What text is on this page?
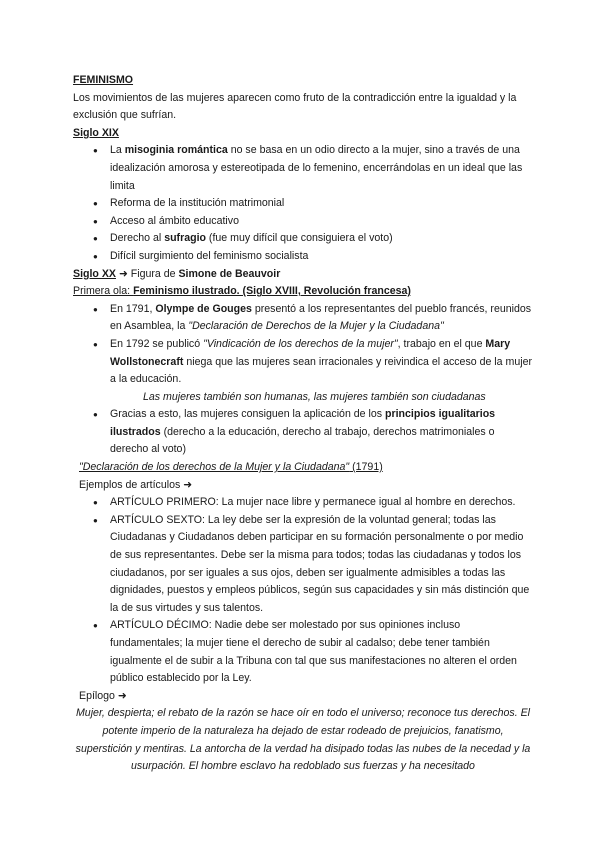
FEMINISMO

Los movimientos de las mujeres aparecen como fruto de la contradicción entre la igualdad y la exclusión que sufrían.

Siglo XIX

● La misoginia romántica no se basa en un odio directo a la mujer, sino a través de una idealización amorosa y estereotipada de lo femenino, encerrándolas en un ideal que las limita
● Reforma de la institución matrimonial
● Acceso al ámbito educativo
● Derecho al sufragio (fue muy difícil que consiguiera el voto)
● Difícil surgimiento del feminismo socialista

Siglo XX ➜ Figura de Simone de Beauvoir

Primera ola: Feminismo ilustrado. (Siglo XVIII, Revolución francesa)

● En 1791, Olympe de Gouges presentó a los representantes del pueblo francés, reunidos en Asamblea, la "Declaración de Derechos de la Mujer y la Ciudadana"
● En 1792 se publicó "Vindicación de los derechos de la mujer", trabajo en el que Mary Wollstonecraft niega que las mujeres sean irracionales y reivindica el acceso de la mujer a la educación.

Las mujeres también son humanas, las mujeres también son ciudadanas

● Gracias a esto, las mujeres consiguen la aplicación de los principios igualitarios ilustrados (derecho a la educación, derecho al trabajo, derechos matrimoniales o derecho al voto)

"Declaración de los derechos de la Mujer y la Ciudadana" (1791)

Ejemplos de artículos ➜

● ARTÍCULO PRIMERO: La mujer nace libre y permanece igual al hombre en derechos.
● ARTÍCULO SEXTO: La ley debe ser la expresión de la voluntad general; todas las Ciudadanas y Ciudadanos deben participar en su formación personalmente o por medio de sus representantes. Debe ser la misma para todos; todas las ciudadanas y todos los ciudadanos, por ser iguales a sus ojos, deben ser igualmente admisibles a todas las dignidades, puestos y empleos públicos, según sus capacidades y sin más distinción que la de sus virtudes y sus talentos.
● ARTÍCULO DÉCIMO: Nadie debe ser molestado por sus opiniones incluso fundamentales; la mujer tiene el derecho de subir al cadalso; debe tener también igualmente el de subir a la Tribuna con tal que sus manifestaciones no alteren el orden público establecido por la Ley.

Epílogo ➜

Mujer, despierta; el rebato de la razón se hace oír en todo el universo; reconoce tus derechos. El potente imperio de la naturaleza ha dejado de estar rodeado de prejuicios, fanatismo, superstición y mentiras. La antorcha de la verdad ha disipado todas las nubes de la necedad y la usurpación. El hombre esclavo ha redoblado sus fuerzas y ha necesitado
